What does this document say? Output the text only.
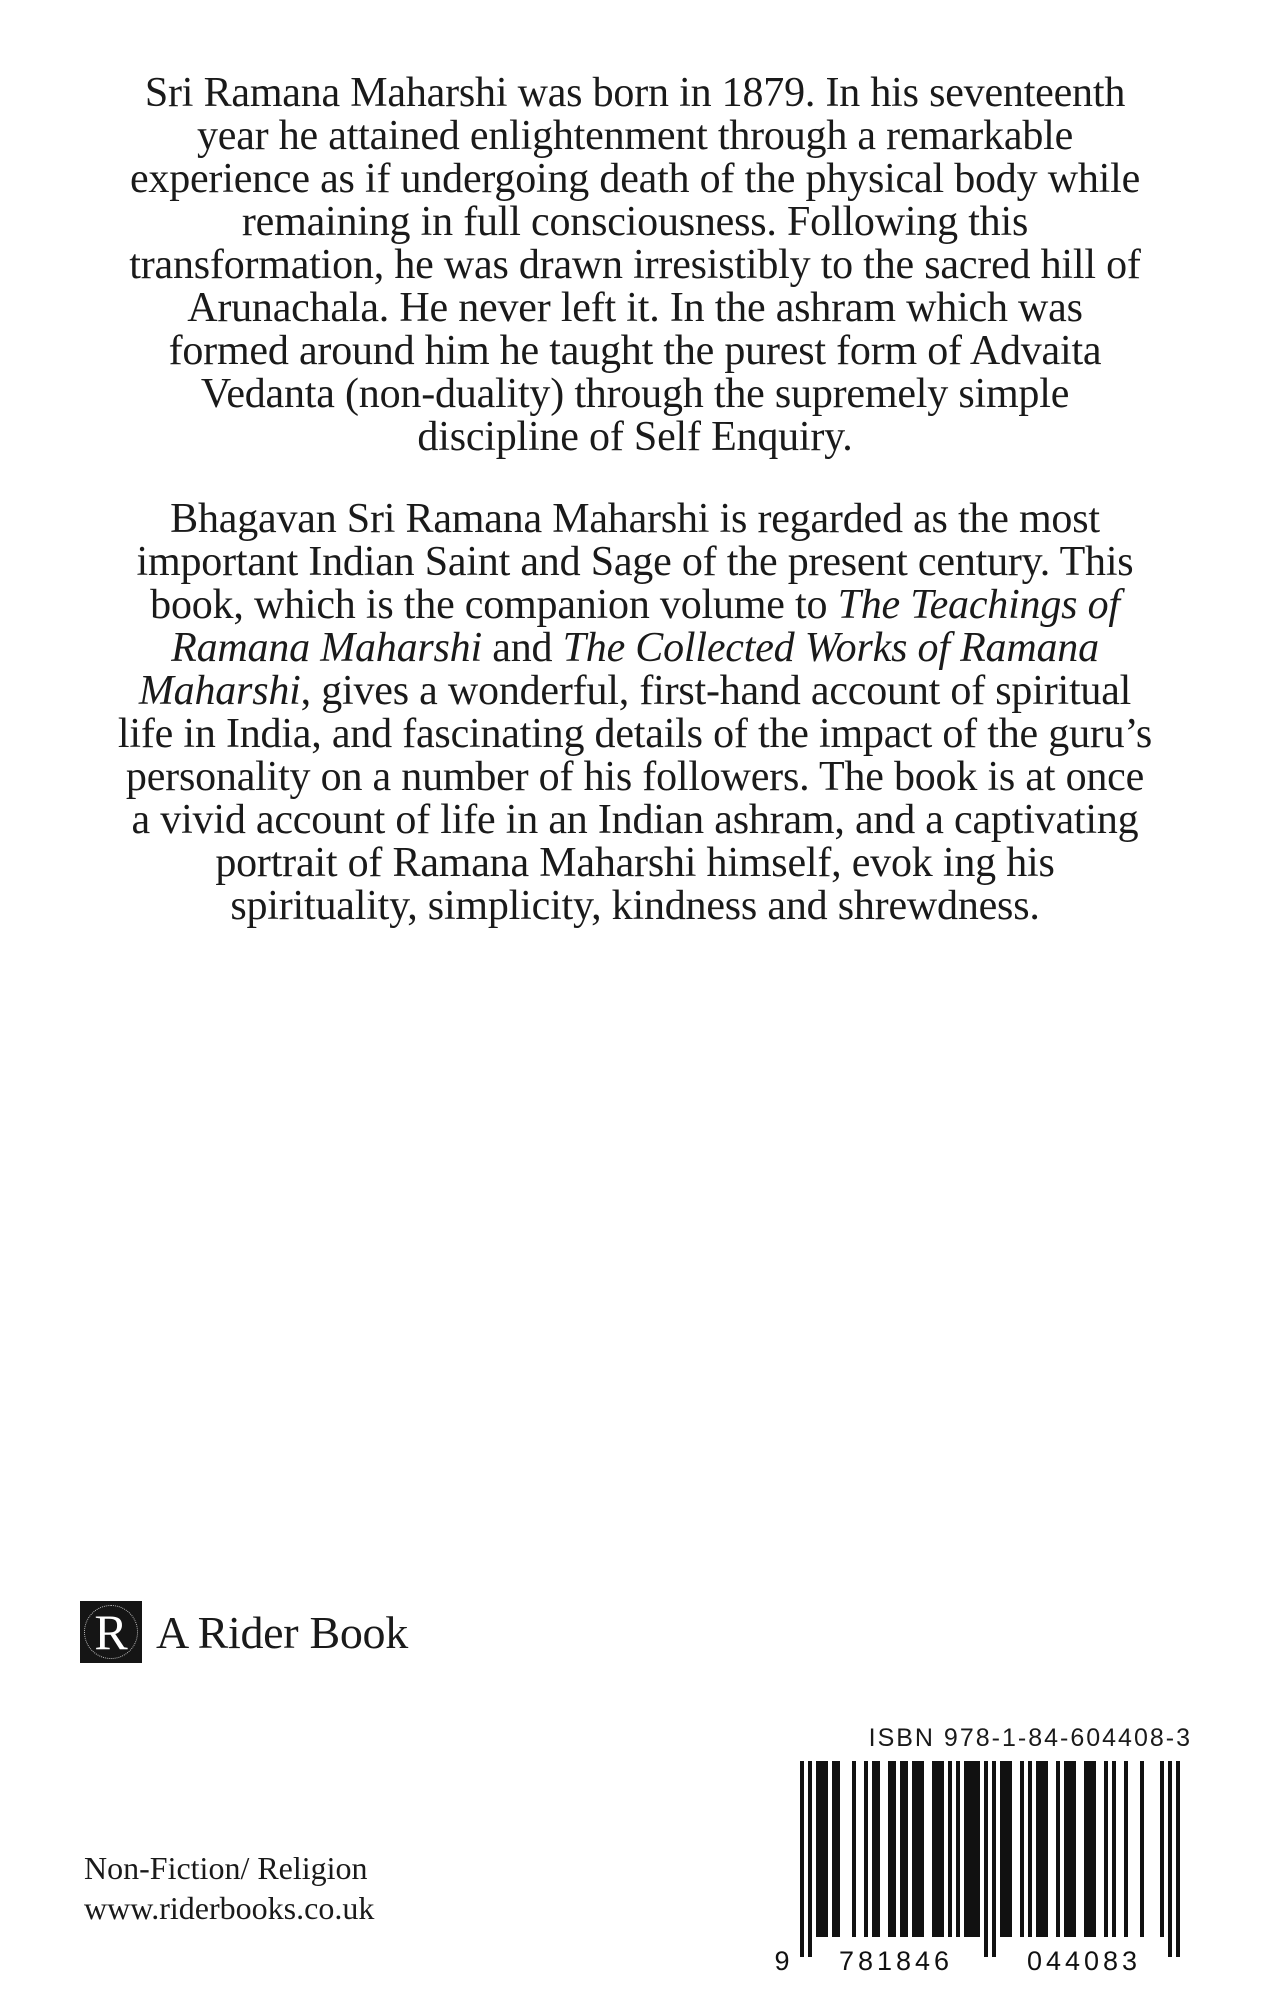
Sri Ramana Maharshi was born in 1879. In his seventeenth
year he attained enlightenment through a remarkable
experience as if undergoing death of the physical body while
remaining in full consciousness. Following this
transformation, he was drawn irresistibly to the sacred hill of
Arunachala. He never left it. In the ashram which was
formed around him he taught the purest form of Advaita
Vedanta (non-duality) through the supremely simple
discipline of Self Enquiry.

Bhagavan Sri Ramana Maharshi is regarded as the most
important Indian Saint and Sage of the present century. This
book, which is the companion volume to The Teachings of
Ramana Maharshi and The Collected Works of Ramana
Maharshi, gives a wonderful, first-hand account of spiritual
life in India, and fascinating details of the impact of the guru’s
personality on a number of his followers. The book is at once
a vivid account of life in an Indian ashram, and a captivating
portrait of Ramana Maharshi himself, evok ing his
spirituality, simplicity, kindness and shrewdness.

R A Rider Book
Non-Fiction/ Religion
www.riderbooks.co.uk
ISBN 978-1-84-604408-3
9 781846	044083
